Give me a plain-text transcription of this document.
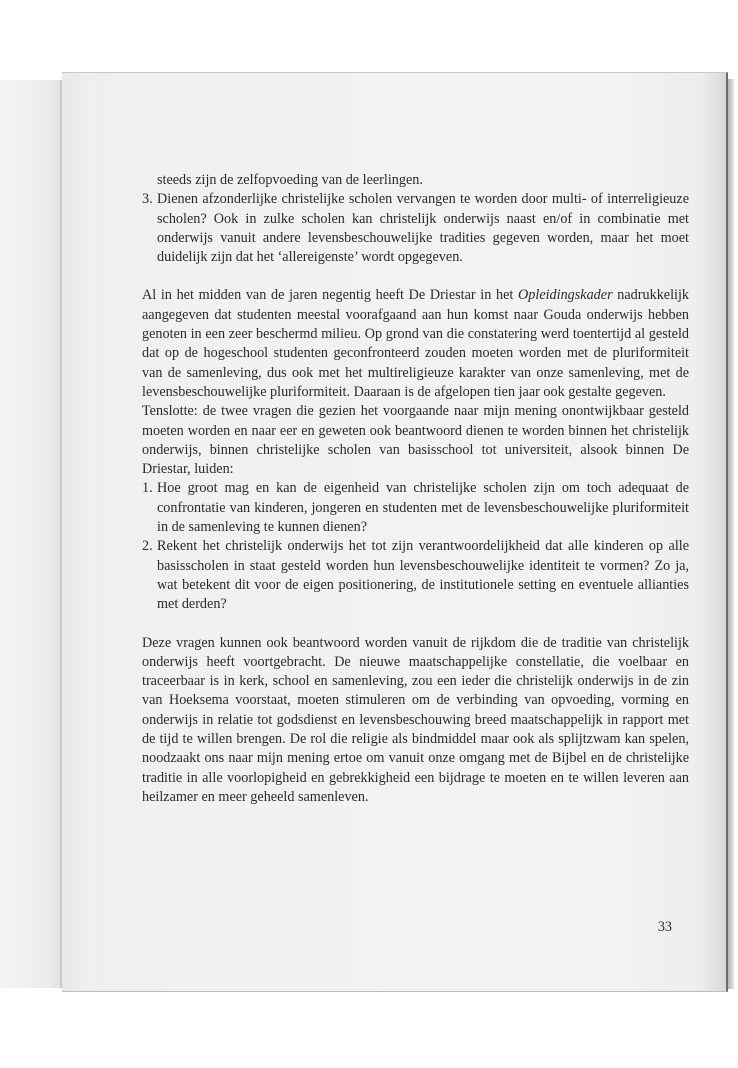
steeds zijn de zelfopvoeding van de leerlingen.

3. Dienen afzonderlijke christelijke scholen vervangen te worden door multi- of interreligieuze scholen? Ook in zulke scholen kan christelijk onderwijs naast en/of in combinatie met onderwijs vanuit andere levensbeschouwelijke tradities gegeven worden, maar het moet duidelijk zijn dat het ‘allereigenste’ wordt opgegeven.

Al in het midden van de jaren negentig heeft De Driestar in het Opleidingskader nadrukkelijk aangegeven dat studenten meestal voorafgaand aan hun komst naar Gouda onderwijs hebben genoten in een zeer beschermd milieu. Op grond van die constatering werd toentertijd al gesteld dat op de hogeschool studenten geconfronteerd zouden moeten worden met de pluriformiteit van de samenleving, dus ook met het multireligieuze karakter van onze samenleving, met de levensbeschouwelijke pluriformiteit. Daaraan is de afgelopen tien jaar ook gestalte gegeven.

Tenslotte: de twee vragen die gezien het voorgaande naar mijn mening onontwijkbaar gesteld moeten worden en naar eer en geweten ook beantwoord dienen te worden binnen het christelijk onderwijs, binnen christelijke scholen van basisschool tot universiteit, alsook binnen De Driestar, luiden:

1. Hoe groot mag en kan de eigenheid van christelijke scholen zijn om toch adequaat de confrontatie van kinderen, jongeren en studenten met de levensbeschouwelijke pluriformiteit in de samenleving te kunnen dienen?

2. Rekent het christelijk onderwijs het tot zijn verantwoordelijkheid dat alle kinderen op alle basisscholen in staat gesteld worden hun levensbeschouwelijke identiteit te vormen? Zo ja, wat betekent dit voor de eigen positionering, de institutionele setting en eventuele allianties met derden?

Deze vragen kunnen ook beantwoord worden vanuit de rijkdom die de traditie van christelijk onderwijs heeft voortgebracht. De nieuwe maatschappelijke constellatie, die voelbaar en traceerbaar is in kerk, school en samenleving, zou een ieder die christelijk onderwijs in de zin van Hoeksema voorstaat, moeten stimuleren om de verbinding van opvoeding, vorming en onderwijs in relatie tot godsdienst en levensbeschouwing breed maatschappelijk in rapport met de tijd te willen brengen. De rol die religie als bindmiddel maar ook als splijtzwam kan spelen, noodzaakt ons naar mijn mening ertoe om vanuit onze omgang met de Bijbel en de christelijke traditie in alle voorlopigheid en gebrekkigheid een bijdrage te moeten en te willen leveren aan heilzamer en meer geheeld samenleven.

33
